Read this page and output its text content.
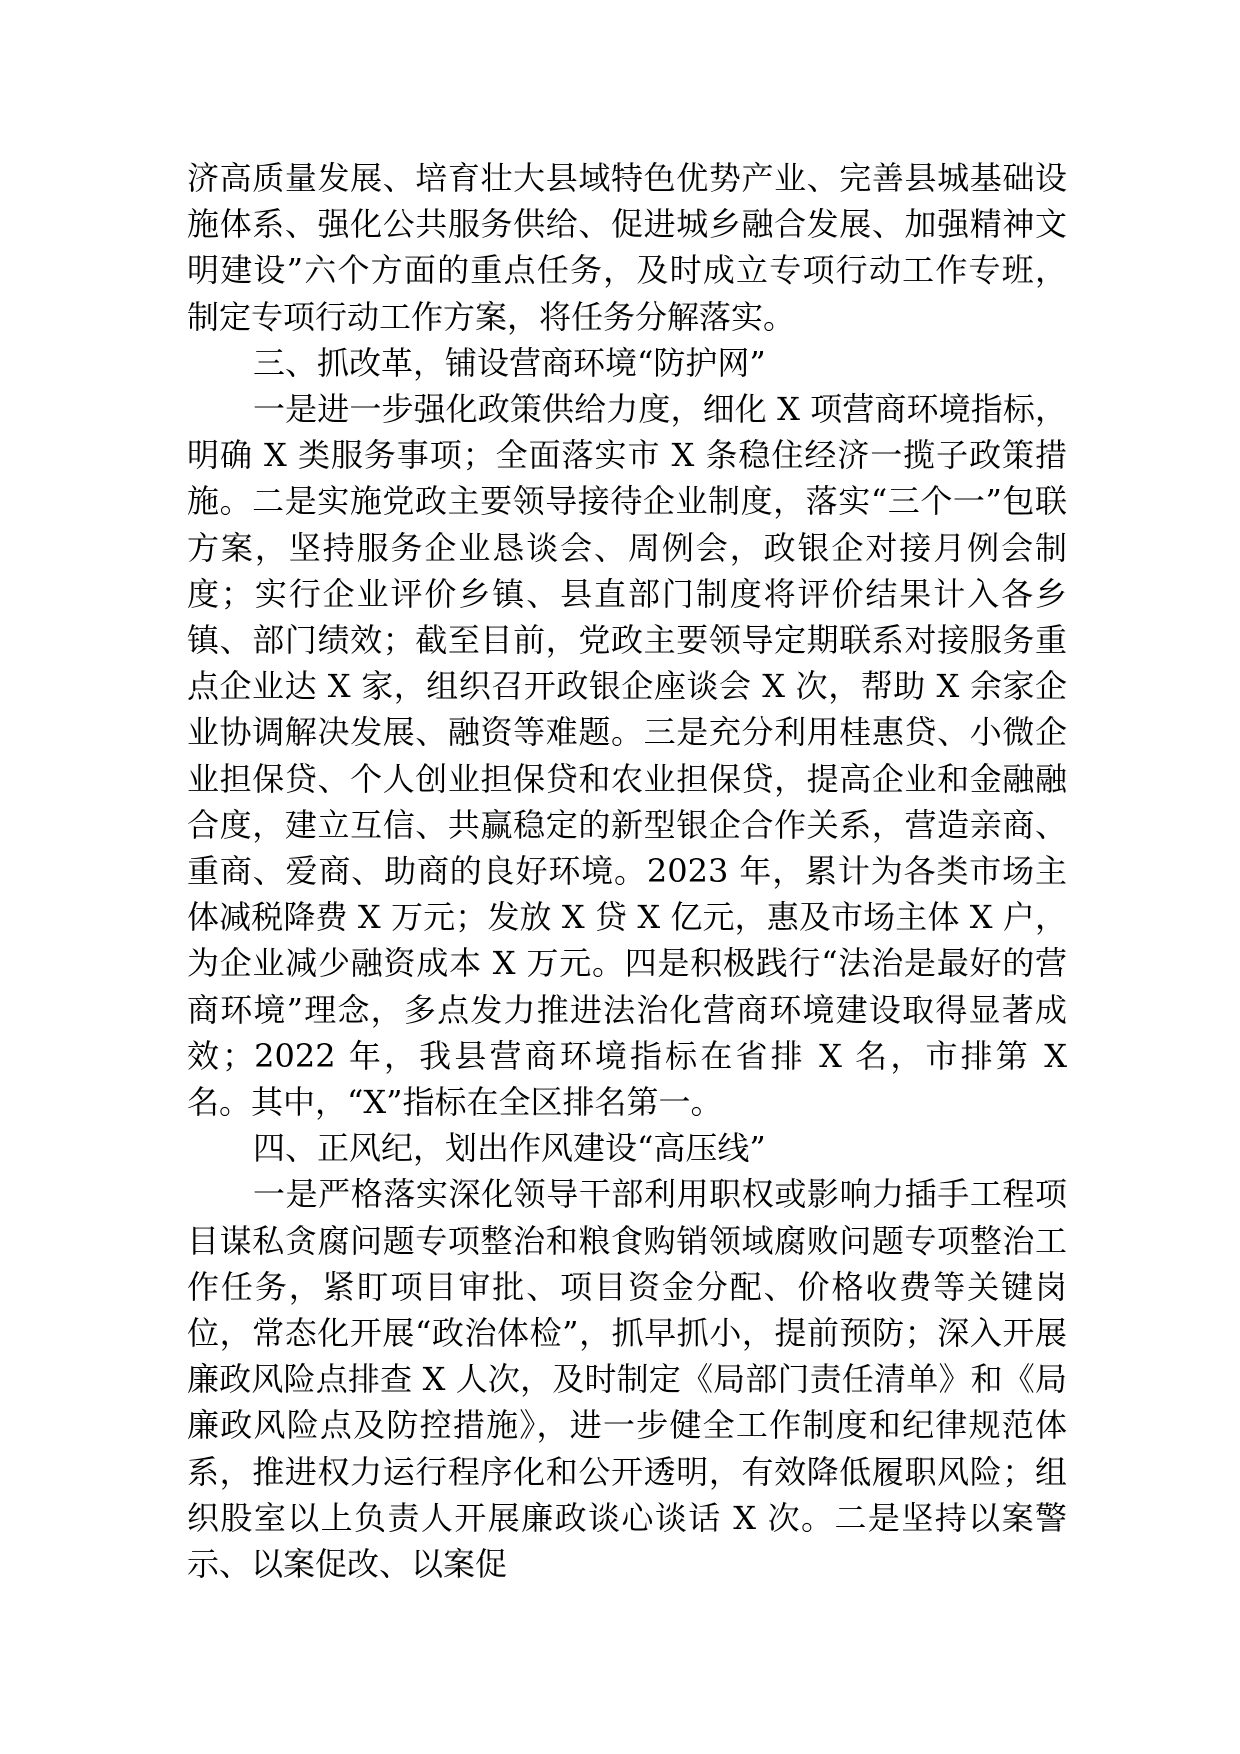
济高质量发展、培育壮大县域特色优势产业、完善县城基础设施体系、强化公共服务供给、促进城乡融合发展、加强精神文明建设”六个方面的重点任务，及时成立专项行动工作专班，制定专项行动工作方案，将任务分解落实。

三、抓改革，铺设营商环境“防护网”

一是进一步强化政策供给力度，细化 X 项营商环境指标，明确 X 类服务事项；全面落实市 X 条稳住经济一揽子政策措施。二是实施党政主要领导接待企业制度，落实“三个一”包联方案，坚持服务企业恳谈会、周例会，政银企对接月例会制度；实行企业评价乡镇、县直部门制度将评价结果计入各乡镇、部门绩效；截至目前，党政主要领导定期联系对接服务重点企业达 X 家，组织召开政银企座谈会 X 次，帮助 X 余家企业协调解决发展、融资等难题。三是充分利用桂惠贷、小微企业担保贷、个人创业担保贷和农业担保贷，提高企业和金融融合度，建立互信、共赢稳定的新型银企合作关系，营造亲商、重商、爱商、助商的良好环境。2023 年，累计为各类市场主体减税降费 X 万元；发放 X 贷 X 亿元，惠及市场主体 X 户，为企业减少融资成本 X 万元。四是积极践行“法治是最好的营商环境”理念，多点发力推进法治化营商环境建设取得显著成效；2022 年，我县营商环境指标在省排 X 名，市排第 X 名。其中，“X”指标在全区排名第一。

四、正风纪，划出作风建设“高压线”

一是严格落实深化领导干部利用职权或影响力插手工程项目谋私贪腐问题专项整治和粮食购销领域腐败问题专项整治工作任务，紧盯项目审批、项目资金分配、价格收费等关键岗位，常态化开展“政治体检”，抓早抓小，提前预防；深入开展廉政风险点排查 X 人次，及时制定《局部门责任清单》和《局廉政风险点及防控措施》，进一步健全工作制度和纪律规范体系，推进权力运行程序化和公开透明，有效降低履职风险；组织股室以上负责人开展廉政谈心谈话 X 次。二是坚持以案警示、以案促改、以案促
